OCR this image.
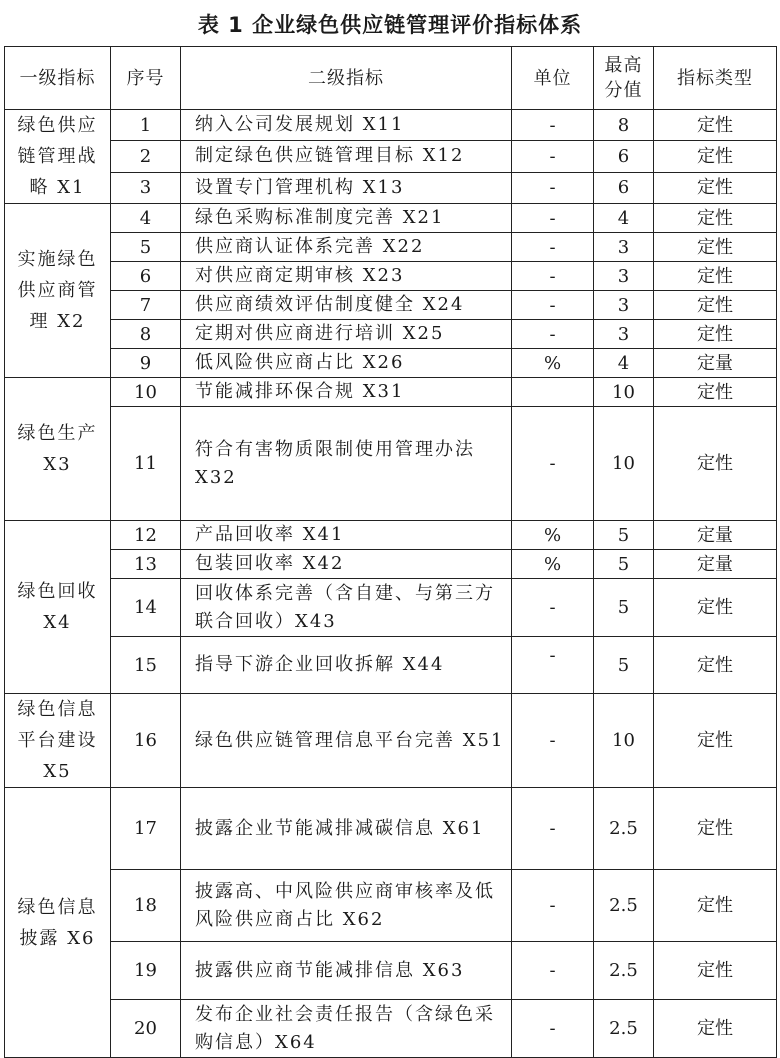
表 1 企业绿色供应链管理评价指标体系
一级指标	序号	二级指标	单位	最高分值	指标类型
绿色供应链管理战略 X1	1	纳入公司发展规划 X11	-	8	定性
	2	制定绿色供应链管理目标 X12	-	6	定性
	3	设置专门管理机构 X13	-	6	定性
实施绿色供应商管理 X2	4	绿色采购标准制度完善 X21	-	4	定性
	5	供应商认证体系完善 X22	-	3	定性
	6	对供应商定期审核 X23	-	3	定性
	7	供应商绩效评估制度健全 X24	-	3	定性
	8	定期对供应商进行培训 X25	-	3	定性
	9	低风险供应商占比 X26	%	4	定量
绿色生产 X3	10	节能减排环保合规 X31		10	定性
	11	符合有害物质限制使用管理办法 X32	-	10	定性
绿色回收 X4	12	产品回收率 X41	%	5	定量
	13	包装回收率 X42	%	5	定量
	14	回收体系完善（含自建、与第三方联合回收）X43	-	5	定性
	15	指导下游企业回收拆解 X44	-	5	定性
绿色信息平台建设 X5	16	绿色供应链管理信息平台完善 X51	-	10	定性
绿色信息披露 X6	17	披露企业节能减排减碳信息 X61	-	2.5	定性
	18	披露高、中风险供应商审核率及低风险供应商占比 X62	-	2.5	定性
	19	披露供应商节能减排信息 X63	-	2.5	定性
	20	发布企业社会责任报告（含绿色采购信息）X64	-	2.5	定性
